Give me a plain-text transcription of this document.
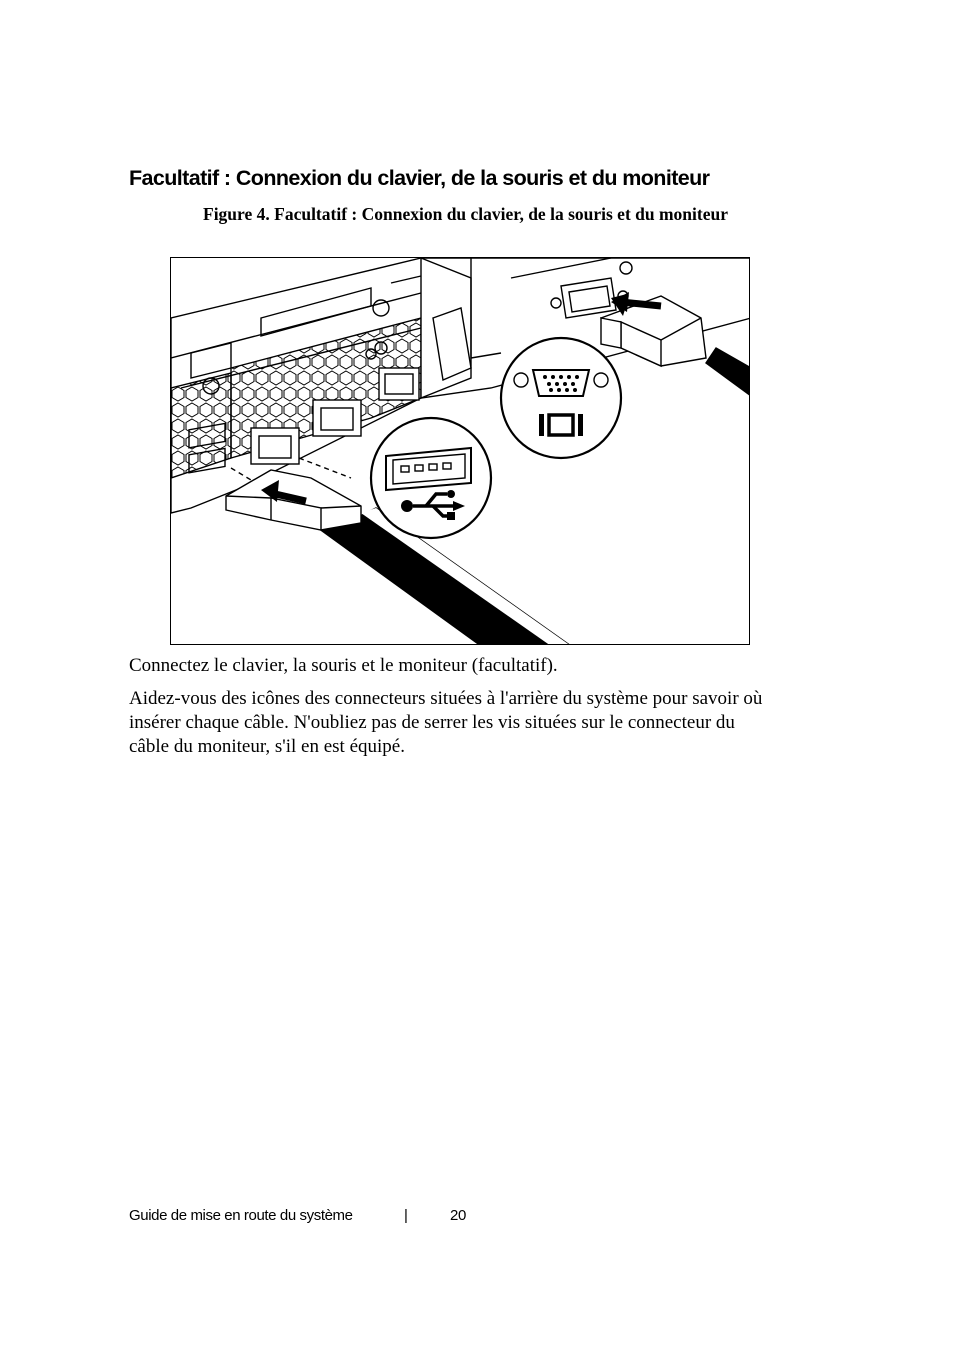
Facultatif : Connexion du clavier, de la souris et du moniteur

Figure 4. Facultatif : Connexion du clavier, de la souris et du moniteur

Connectez le clavier, la souris et le moniteur (facultatif).

Aidez-vous des icônes des connecteurs situées à l'arrière du système pour savoir où insérer chaque câble. N'oubliez pas de serrer les vis situées sur le connecteur du câble du moniteur, s'il en est équipé.

Guide de mise en route du système	|	20
